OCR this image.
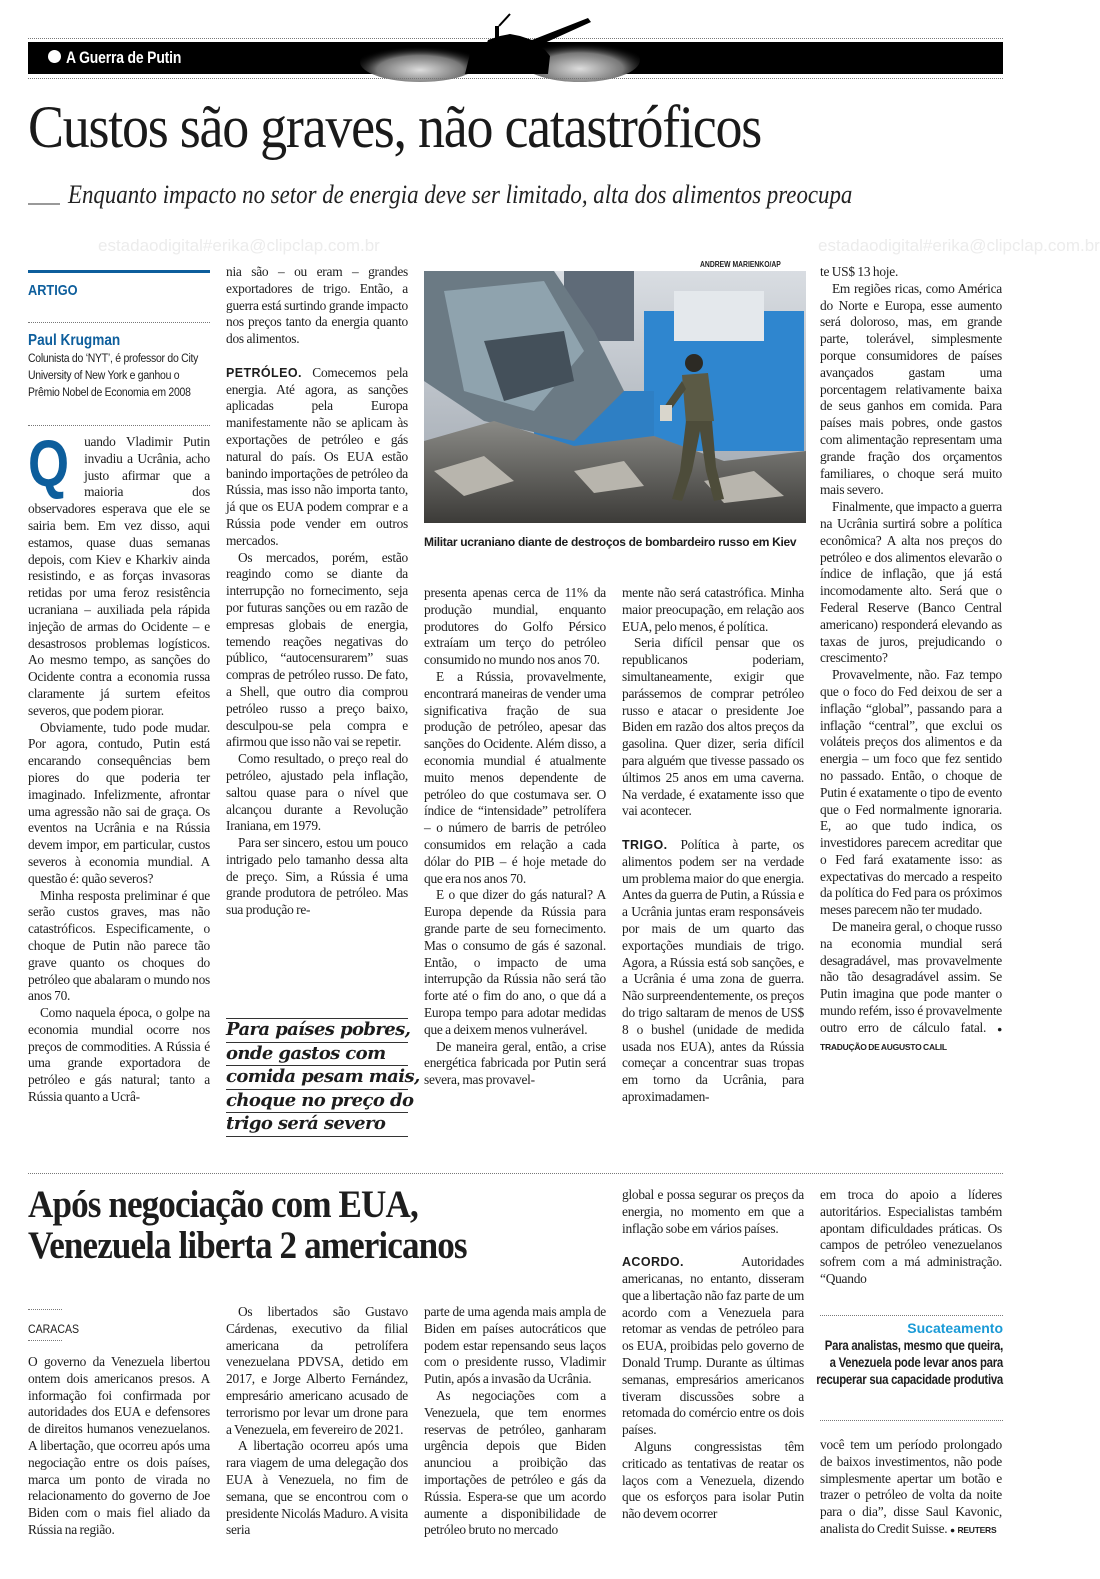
A Guerra de Putin
Custos são graves, não catastróficos
Enquanto impacto no setor de energia deve ser limitado, alta dos alimentos preocupa
estadaodigital#erika@clipclap.com.br	estadaodigital#erika@clipclap.com.br
ARTIGO
Paul Krugman
Colunista do ‘NYT’, é professor do City University of New York e ganhou o Prêmio Nobel de Economia em 2008

Q uando Vladimir Putin invadiu a Ucrânia, acho justo afirmar que a maioria dos observadores esperava que ele se sairia bem. Em vez disso, aqui estamos, quase duas semanas depois, com Kiev e Kharkiv ainda resistindo, e as forças invasoras retidas por uma feroz resistência ucraniana – auxiliada pela rápida injeção de armas do Ocidente – e desastrosos problemas logísticos. Ao mesmo tempo, as sanções do Ocidente contra a economia russa claramente já surtem efeitos severos, que podem piorar.

Obviamente, tudo pode mudar. Por agora, contudo, Putin está encarando consequências bem piores do que poderia ter imaginado. Infelizmente, afrontar uma agressão não sai de graça. Os eventos na Ucrânia e na Rússia devem impor, em particular, custos severos à economia mundial. A questão é: quão severos?

Minha resposta preliminar é que serão custos graves, mas não catastróficos. Especificamente, o choque de Putin não parece tão grave quanto os choques do petróleo que abalaram o mundo nos anos 70.

Como naquela época, o golpe na economia mundial ocorre nos preços de commodities. A Rússia é uma grande exportadora de petróleo e gás natural; tanto a Rússia quanto a Ucrâ-

nia são – ou eram – grandes exportadores de trigo. Então, a guerra está surtindo grande impacto nos preços tanto da energia quanto dos alimentos.

PETRÓLEO. Comecemos pela energia. Até agora, as sanções aplicadas pela Europa manifestamente não se aplicam às exportações de petróleo e gás natural do país. Os EUA estão banindo importações de petróleo da Rússia, mas isso não importa tanto, já que os EUA podem comprar e a Rússia pode vender em outros mercados.

Os mercados, porém, estão reagindo como se diante da interrupção no fornecimento, seja por futuras sanções ou em razão de empresas globais de energia, temendo reações negativas do público, “autocensurarem” suas compras de petróleo russo. De fato, a Shell, que outro dia comprou petróleo russo a preço baixo, desculpou-se pela compra e afirmou que isso não vai se repetir.

Como resultado, o preço real do petróleo, ajustado pela inflação, saltou quase para o nível que alcançou durante a Revolução Iraniana, em 1979.

Para ser sincero, estou um pouco intrigado pelo tamanho dessa alta de preço. Sim, a Rússia é uma grande produtora de petróleo. Mas sua produção re-

Para países pobres,
onde gastos com
comida pesam mais,
choque no preço do
trigo será severo
ANDREW MARIENKO/AP
Militar ucraniano diante de destroços de bombardeiro russo em Kiev

presenta apenas cerca de 11% da produção mundial, enquanto produtores do Golfo Pérsico extraíam um terço do petróleo consumido no mundo nos anos 70.

E a Rússia, provavelmente, encontrará maneiras de vender uma significativa fração de sua produção de petróleo, apesar das sanções do Ocidente. Além disso, a economia mundial é atualmente muito menos dependente de petróleo do que costumava ser. O índice de “intensidade” petrolífera – o número de barris de petróleo consumidos em relação a cada dólar do PIB – é hoje metade do que era nos anos 70.

E o que dizer do gás natural? A Europa depende da Rússia para grande parte de seu fornecimento. Mas o consumo de gás é sazonal. Então, o impacto de uma interrupção da Rússia não será tão forte até o fim do ano, o que dá a Europa tempo para adotar medidas que a deixem menos vulnerável.

De maneira geral, então, a crise energética fabricada por Putin será severa, mas provavel-

mente não será catastrófica. Minha maior preocupação, em relação aos EUA, pelo menos, é política.

Seria difícil pensar que os republicanos poderiam, simultaneamente, exigir que parássemos de comprar petróleo russo e atacar o presidente Joe Biden em razão dos altos preços da gasolina. Quer dizer, seria difícil para alguém que tivesse passado os últimos 25 anos em uma caverna. Na verdade, é exatamente isso que vai acontecer.

TRIGO. Política à parte, os alimentos podem ser na verdade um problema maior do que energia. Antes da guerra de Putin, a Rússia e a Ucrânia juntas eram responsáveis por mais de um quarto das exportações mundiais de trigo. Agora, a Rússia está sob sanções, e a Ucrânia é uma zona de guerra. Não surpreendentemente, os preços do trigo saltaram de menos de US$ 8 o bushel (unidade de medida usada nos EUA), antes da Rússia começar a concentrar suas tropas em torno da Ucrânia, para aproximadamen-

te US$ 13 hoje.

Em regiões ricas, como América do Norte e Europa, esse aumento será doloroso, mas, em grande parte, tolerável, simplesmente porque consumidores de países avançados gastam uma porcentagem relativamente baixa de seus ganhos em comida. Para países mais pobres, onde gastos com alimentação representam uma grande fração dos orçamentos familiares, o choque será muito mais severo.

Finalmente, que impacto a guerra na Ucrânia surtirá sobre a política econômica? A alta nos preços do petróleo e dos alimentos elevarão o índice de inflação, que já está incomodamente alto. Será que o Federal Reserve (Banco Central americano) responderá elevando as taxas de juros, prejudicando o crescimento?

Provavelmente, não. Faz tempo que o foco do Fed deixou de ser a inflação “global”, passando para a inflação “central”, que exclui os voláteis preços dos alimentos e da energia – um foco que fez sentido no passado. Então, o choque de Putin é exatamente o tipo de evento que o Fed normalmente ignoraria. E, ao que tudo indica, os investidores parecem acreditar que o Fed fará exatamente isso: as expectativas do mercado a respeito da política do Fed para os próximos meses parecem não ter mudado.

De maneira geral, o choque russo na economia mundial será desagradável, mas provavelmente não tão desagradável assim. Se Putin imagina que pode manter o mundo refém, isso é provavelmente outro erro de cálculo fatal. ● TRADUÇÃO DE AUGUSTO CALIL

Após negociação com EUA,
Venezuela liberta 2 americanos
CARACAS

O governo da Venezuela libertou ontem dois americanos presos. A informação foi confirmada por autoridades dos EUA e defensores de direitos humanos venezuelanos. A libertação, que ocorreu após uma negociação entre os dois países, marca um ponto de virada no relacionamento do governo de Joe Biden com o mais fiel aliado da Rússia na região.

Os libertados são Gustavo Cárdenas, executivo da filial americana da petrolífera venezuelana PDVSA, detido em 2017, e Jorge Alberto Fernández, empresário americano acusado de terrorismo por levar um drone para a Venezuela, em fevereiro de 2021.

A libertação ocorreu após uma rara viagem de uma delegação dos EUA à Venezuela, no fim de semana, que se encontrou com o presidente Nicolás Maduro. A visita seria

parte de uma agenda mais ampla de Biden em países autocráticos que podem estar repensando seus laços com o presidente russo, Vladimir Putin, após a invasão da Ucrânia.

As negociações com a Venezuela, que tem enormes reservas de petróleo, ganharam urgência depois que Biden anunciou a proibição das importações de petróleo e gás da Rússia. Espera-se que um acordo aumente a disponibilidade de petróleo bruto no mercado

global e possa segurar os preços da energia, no momento em que a inflação sobe em vários países.

ACORDO.	Autoridades americanas, no entanto, disseram que a libertação não faz parte de um acordo com a Venezuela para retomar as vendas de petróleo para os EUA, proibidas pelo governo de Donald Trump. Durante as últimas semanas, empresários americanos tiveram discussões sobre a retomada do comércio entre os dois países.

Alguns congressistas têm criticado as tentativas de reatar os laços com a Venezuela, dizendo que os esforços para isolar Putin não devem ocorrer

em troca do apoio a líderes autoritários. Especialistas também apontam dificuldades práticas. Os campos de petróleo venezuelanos sofrem com a má administração. “Quando

Sucateamento
Para analistas, mesmo que queira, a Venezuela pode levar anos para recuperar sua capacidade produtiva

você tem um período prolongado de baixos investimentos, não pode simplesmente apertar um botão e trazer o petróleo de volta da noite para o dia”, disse Saul Kavonic, analista do Credit Suisse. ● REUTERS
